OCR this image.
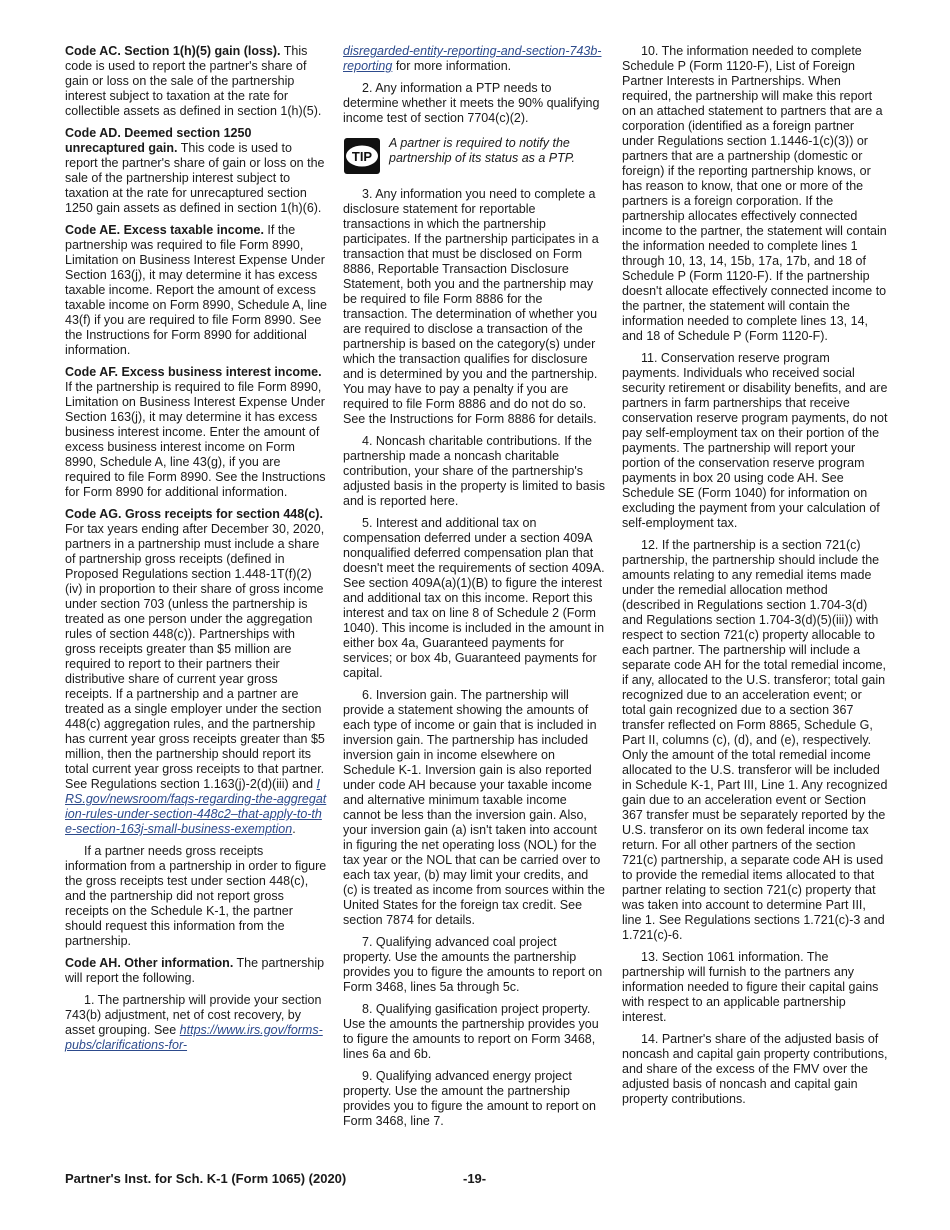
Code AC. Section 1(h)(5) gain (loss). This code is used to report the partner's share of gain or loss on the sale of the partnership interest subject to taxation at the rate for collectible assets as defined in section 1(h)(5).

Code AD. Deemed section 1250 unrecaptured gain. This code is used to report the partner's share of gain or loss on the sale of the partnership interest subject to taxation at the rate for unrecaptured section 1250 gain assets as defined in section 1(h)(6).

Code AE. Excess taxable income. If the partnership was required to file Form 8990, Limitation on Business Interest Expense Under Section 163(j), it may determine it has excess taxable income. Report the amount of excess taxable income on Form 8990, Schedule A, line 43(f) if you are required to file Form 8990. See the Instructions for Form 8990 for additional information.

Code AF. Excess business interest income. If the partnership is required to file Form 8990, Limitation on Business Interest Expense Under Section 163(j), it may determine it has excess business interest income. Enter the amount of excess business interest income on Form 8990, Schedule A, line 43(g), if you are required to file Form 8990. See the Instructions for Form 8990 for additional information.

Code AG. Gross receipts for section 448(c). For tax years ending after December 30, 2020, partners in a partnership must include a share of partnership gross receipts (defined in Proposed Regulations section 1.448-1T(f)(2)(iv) in proportion to their share of gross income under section 703 (unless the partnership is treated as one person under the aggregation rules of section 448(c)). Partnerships with gross receipts greater than $5 million are required to report to their partners their distributive share of current year gross receipts. If a partnership and a partner are treated as a single employer under the section 448(c) aggregation rules, and the partnership has current year gross receipts greater than $5 million, then the partnership should report its total current year gross receipts to that partner. See Regulations section 1.163(j)-2(d)(iii) and IRS.gov/newsroom/faqs-regarding-the-aggregation-rules-under-section-448c2–that-apply-to-the-section-163j-small-business-exemption.

If a partner needs gross receipts information from a partnership in order to figure the gross receipts test under section 448(c), and the partnership did not report gross receipts on the Schedule K-1, the partner should request this information from the partnership.

Code AH. Other information. The partnership will report the following.

1. The partnership will provide your section 743(b) adjustment, net of cost recovery, by asset grouping. See https://www.irs.gov/forms-pubs/clarifications-for-

disregarded-entity-reporting-and-section-743b-reporting for more information.

2. Any information a PTP needs to determine whether it meets the 90% qualifying income test of section 7704(c)(2).

TIP
A partner is required to notify the partnership of its status as a PTP.

3. Any information you need to complete a disclosure statement for reportable transactions in which the partnership participates. If the partnership participates in a transaction that must be disclosed on Form 8886, Reportable Transaction Disclosure Statement, both you and the partnership may be required to file Form 8886 for the transaction. The determination of whether you are required to disclose a transaction of the partnership is based on the category(s) under which the transaction qualifies for disclosure and is determined by you and the partnership. You may have to pay a penalty if you are required to file Form 8886 and do not do so. See the Instructions for Form 8886 for details.

4. Noncash charitable contributions. If the partnership made a noncash charitable contribution, your share of the partnership's adjusted basis in the property is limited to basis and is reported here.

5. Interest and additional tax on compensation deferred under a section 409A nonqualified deferred compensation plan that doesn't meet the requirements of section 409A. See section 409A(a)(1)(B) to figure the interest and additional tax on this income. Report this interest and tax on line 8 of Schedule 2 (Form 1040). This income is included in the amount in either box 4a, Guaranteed payments for services; or box 4b, Guaranteed payments for capital.

6. Inversion gain. The partnership will provide a statement showing the amounts of each type of income or gain that is included in inversion gain. The partnership has included inversion gain in income elsewhere on Schedule K-1. Inversion gain is also reported under code AH because your taxable income and alternative minimum taxable income cannot be less than the inversion gain. Also, your inversion gain (a) isn't taken into account in figuring the net operating loss (NOL) for the tax year or the NOL that can be carried over to each tax year, (b) may limit your credits, and (c) is treated as income from sources within the United States for the foreign tax credit. See section 7874 for details.

7. Qualifying advanced coal project property. Use the amounts the partnership provides you to figure the amounts to report on Form 3468, lines 5a through 5c.

8. Qualifying gasification project property. Use the amounts the partnership provides you to figure the amounts to report on Form 3468, lines 6a and 6b.

9. Qualifying advanced energy project property. Use the amount the partnership provides you to figure the amount to report on Form 3468, line 7.

10. The information needed to complete Schedule P (Form 1120-F), List of Foreign Partner Interests in Partnerships. When required, the partnership will make this report on an attached statement to partners that are a corporation (identified as a foreign partner under Regulations section 1.1446-1(c)(3)) or partners that are a partnership (domestic or foreign) if the reporting partnership knows, or has reason to know, that one or more of the partners is a foreign corporation. If the partnership allocates effectively connected income to the partner, the statement will contain the information needed to complete lines 1 through 10, 13, 14, 15b, 17a, 17b, and 18 of Schedule P (Form 1120-F). If the partnership doesn't allocate effectively connected income to the partner, the statement will contain the information needed to complete lines 13, 14, and 18 of Schedule P (Form 1120-F).

11. Conservation reserve program payments. Individuals who received social security retirement or disability benefits, and are partners in farm partnerships that receive conservation reserve program payments, do not pay self-employment tax on their portion of the payments. The partnership will report your portion of the conservation reserve program payments in box 20 using code AH. See Schedule SE (Form 1040) for information on excluding the payment from your calculation of self-employment tax.

12. If the partnership is a section 721(c) partnership, the partnership should include the amounts relating to any remedial items made under the remedial allocation method (described in Regulations section 1.704-3(d) and Regulations section 1.704-3(d)(5)(iii)) with respect to section 721(c) property allocable to each partner. The partnership will include a separate code AH for the total remedial income, if any, allocated to the U.S. transferor; total gain recognized due to an acceleration event; or total gain recognized due to a section 367 transfer reflected on Form 8865, Schedule G, Part II, columns (c), (d), and (e), respectively. Only the amount of the total remedial income allocated to the U.S. transferor will be included in Schedule K-1, Part III, Line 1. Any recognized gain due to an acceleration event or Section 367 transfer must be separately reported by the U.S. transferor on its own federal income tax return. For all other partners of the section 721(c) partnership, a separate code AH is used to provide the remedial items allocated to that partner relating to section 721(c) property that was taken into account to determine Part III, line 1. See Regulations sections 1.721(c)-3 and 1.721(c)-6.

13. Section 1061 information. The partnership will furnish to the partners any information needed to figure their capital gains with respect to an applicable partnership interest.

14. Partner's share of the adjusted basis of noncash and capital gain property contributions, and share of the excess of the FMV over the adjusted basis of noncash and capital gain property contributions.

Partner's Inst. for Sch. K-1 (Form 1065) (2020)	-19-
